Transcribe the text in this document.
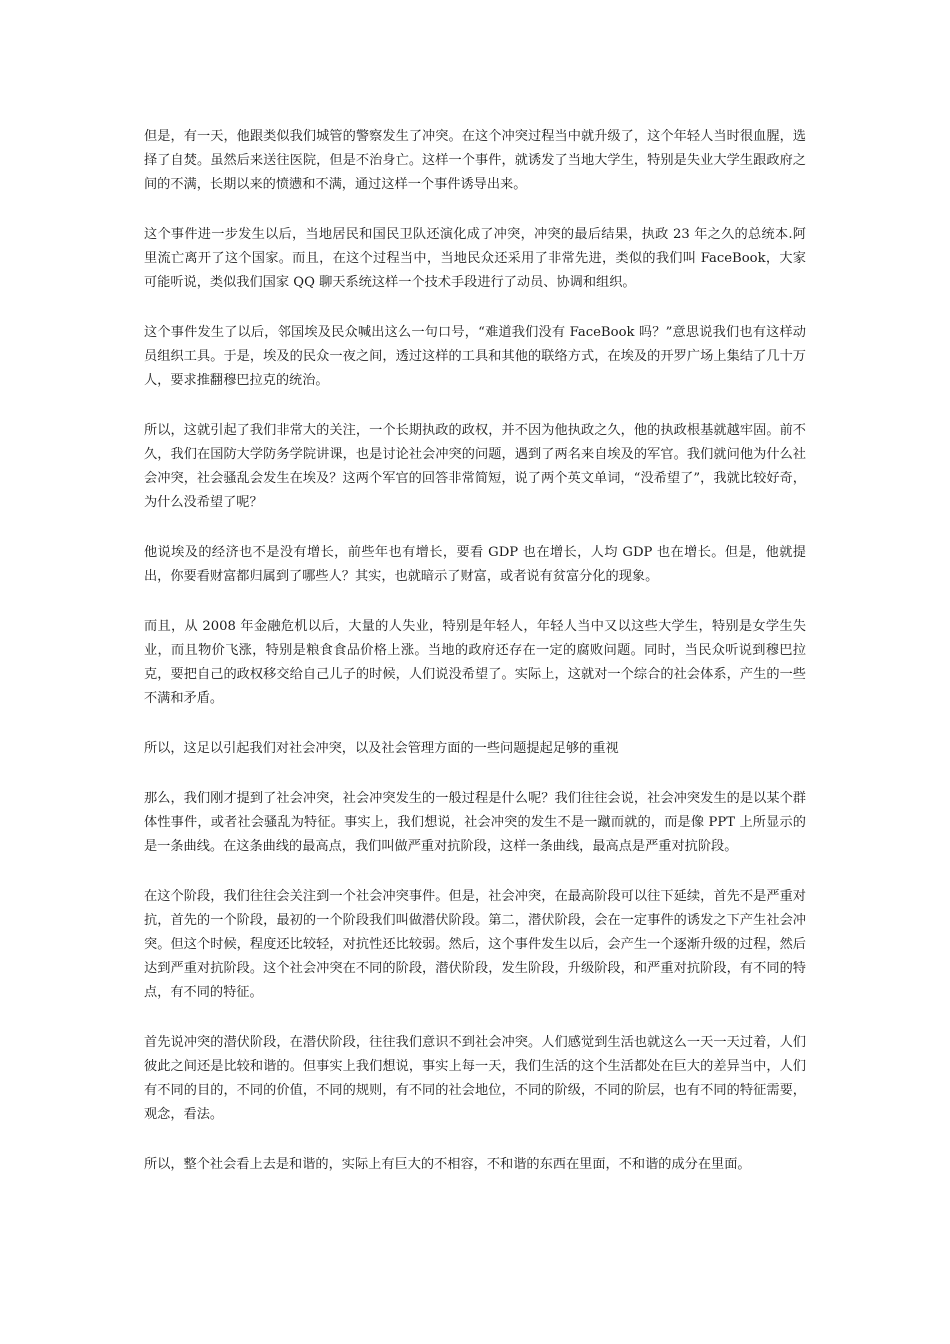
但是，有一天，他跟类似我们城管的警察发生了冲突。在这个冲突过程当中就升级了，这个年轻人当时很血腥，选择了自焚。虽然后来送往医院，但是不治身亡。这样一个事件，就诱发了当地大学生，特别是失业大学生跟政府之间的不满，长期以来的愤懑和不满，通过这样一个事件诱导出来。

这个事件进一步发生以后，当地居民和国民卫队还演化成了冲突，冲突的最后结果，执政 23 年之久的总统本.阿里流亡离开了这个国家。而且，在这个过程当中，当地民众还采用了非常先进，类似的我们叫 FaceBook，大家可能听说，类似我们国家 QQ 聊天系统这样一个技术手段进行了动员、协调和组织。

这个事件发生了以后，邻国埃及民众喊出这么一句口号，“难道我们没有 FaceBook 吗？”意思说我们也有这样动员组织工具。于是，埃及的民众一夜之间，透过这样的工具和其他的联络方式，在埃及的开罗广场上集结了几十万人，要求推翻穆巴拉克的统治。

所以，这就引起了我们非常大的关注，一个长期执政的政权，并不因为他执政之久，他的执政根基就越牢固。前不久，我们在国防大学防务学院讲课，也是讨论社会冲突的问题，遇到了两名来自埃及的军官。我们就问他为什么社会冲突，社会骚乱会发生在埃及？这两个军官的回答非常简短，说了两个英文单词，“没希望了”，我就比较好奇，为什么没希望了呢？

他说埃及的经济也不是没有增长，前些年也有增长，要看 GDP 也在增长，人均 GDP 也在增长。但是，他就提出，你要看财富都归属到了哪些人？其实，也就暗示了财富，或者说有贫富分化的现象。

而且，从 2008 年金融危机以后，大量的人失业，特别是年轻人，年轻人当中又以这些大学生，特别是女学生失业，而且物价飞涨，特别是粮食食品价格上涨。当地的政府还存在一定的腐败问题。同时，当民众听说到穆巴拉克，要把自己的政权移交给自己儿子的时候，人们说没希望了。实际上，这就对一个综合的社会体系，产生的一些不满和矛盾。

所以，这足以引起我们对社会冲突，以及社会管理方面的一些问题提起足够的重视

那么，我们刚才提到了社会冲突，社会冲突发生的一般过程是什么呢？我们往往会说，社会冲突发生的是以某个群体性事件，或者社会骚乱为特征。事实上，我们想说，社会冲突的发生不是一蹴而就的，而是像 PPT 上所显示的是一条曲线。在这条曲线的最高点，我们叫做严重对抗阶段，这样一条曲线，最高点是严重对抗阶段。

在这个阶段，我们往往会关注到一个社会冲突事件。但是，社会冲突，在最高阶段可以往下延续，首先不是严重对抗，首先的一个阶段，最初的一个阶段我们叫做潜伏阶段。第二，潜伏阶段，会在一定事件的诱发之下产生社会冲突。但这个时候，程度还比较轻，对抗性还比较弱。然后，这个事件发生以后，会产生一个逐渐升级的过程，然后达到严重对抗阶段。这个社会冲突在不同的阶段，潜伏阶段，发生阶段，升级阶段，和严重对抗阶段，有不同的特点，有不同的特征。

首先说冲突的潜伏阶段，在潜伏阶段，往往我们意识不到社会冲突。人们感觉到生活也就这么一天一天过着，人们彼此之间还是比较和谐的。但事实上我们想说，事实上每一天，我们生活的这个生活都处在巨大的差异当中，人们有不同的目的，不同的价值，不同的规则，有不同的社会地位，不同的阶级，不同的阶层，也有不同的特征需要，观念，看法。

所以，整个社会看上去是和谐的，实际上有巨大的不相容，不和谐的东西在里面，不和谐的成分在里面。
